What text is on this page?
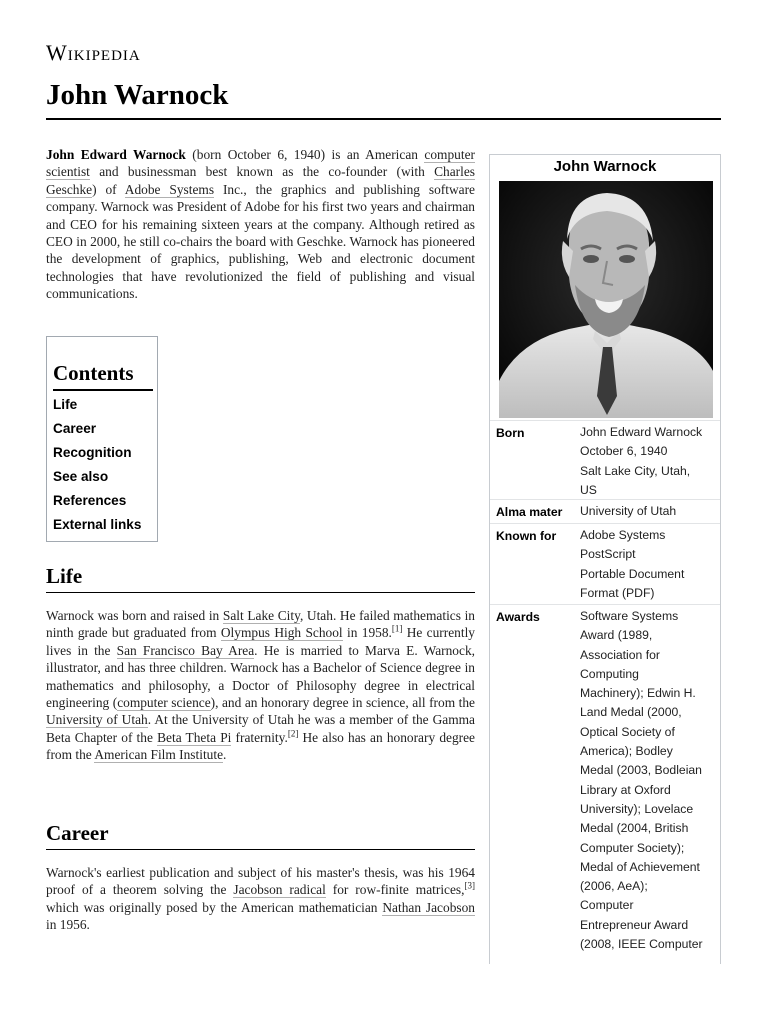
Wikipedia
John Warnock

John Edward Warnock (born October 6, 1940) is an American computer scientist and businessman best known as the co-founder (with Charles Geschke) of Adobe Systems Inc., the graphics and publishing software company. Warnock was President of Adobe for his first two years and chairman and CEO for his remaining sixteen years at the company. Although retired as CEO in 2000, he still co-chairs the board with Geschke. Warnock has pioneered the development of graphics, publishing, Web and electronic document technologies that have revolutionized the field of publishing and visual communications.

Contents
Life
Career
Recognition
See also
References
External links
Life

Warnock was born and raised in Salt Lake City, Utah. He failed mathematics in ninth grade but graduated from Olympus High School in 1958.[1] He currently lives in the San Francisco Bay Area. He is married to Marva E. Warnock, illustrator, and has three children. Warnock has a Bachelor of Science degree in mathematics and philosophy, a Doctor of Philosophy degree in electrical engineering (computer science), and an honorary degree in science, all from the University of Utah. At the University of Utah he was a member of the Gamma Beta Chapter of the Beta Theta Pi fraternity.[2] He also has an honorary degree from the American Film Institute.

Career

Warnock's earliest publication and subject of his master's thesis, was his 1964 proof of a theorem solving the Jacobson radical for row-finite matrices,[3] which was originally posed by the American mathematician Nathan Jacobson in 1956.

John Warnock
Born	John Edward Warnock
October 6, 1940
Salt Lake City, Utah,
US
Alma mater University of Utah
Known for Adobe Systems
PostScript
Portable Document
Format (PDF)
Awards	Software Systems
Award (1989,
Association for
Computing
Machinery); Edwin H.
Land Medal (2000,
Optical Society of
America); Bodley
Medal (2003, Bodleian
Library at Oxford
University); Lovelace
Medal (2004, British
Computer Society);
Medal of Achievement
(2006, AeA);
Computer
Entrepreneur Award
(2008, IEEE Computer
